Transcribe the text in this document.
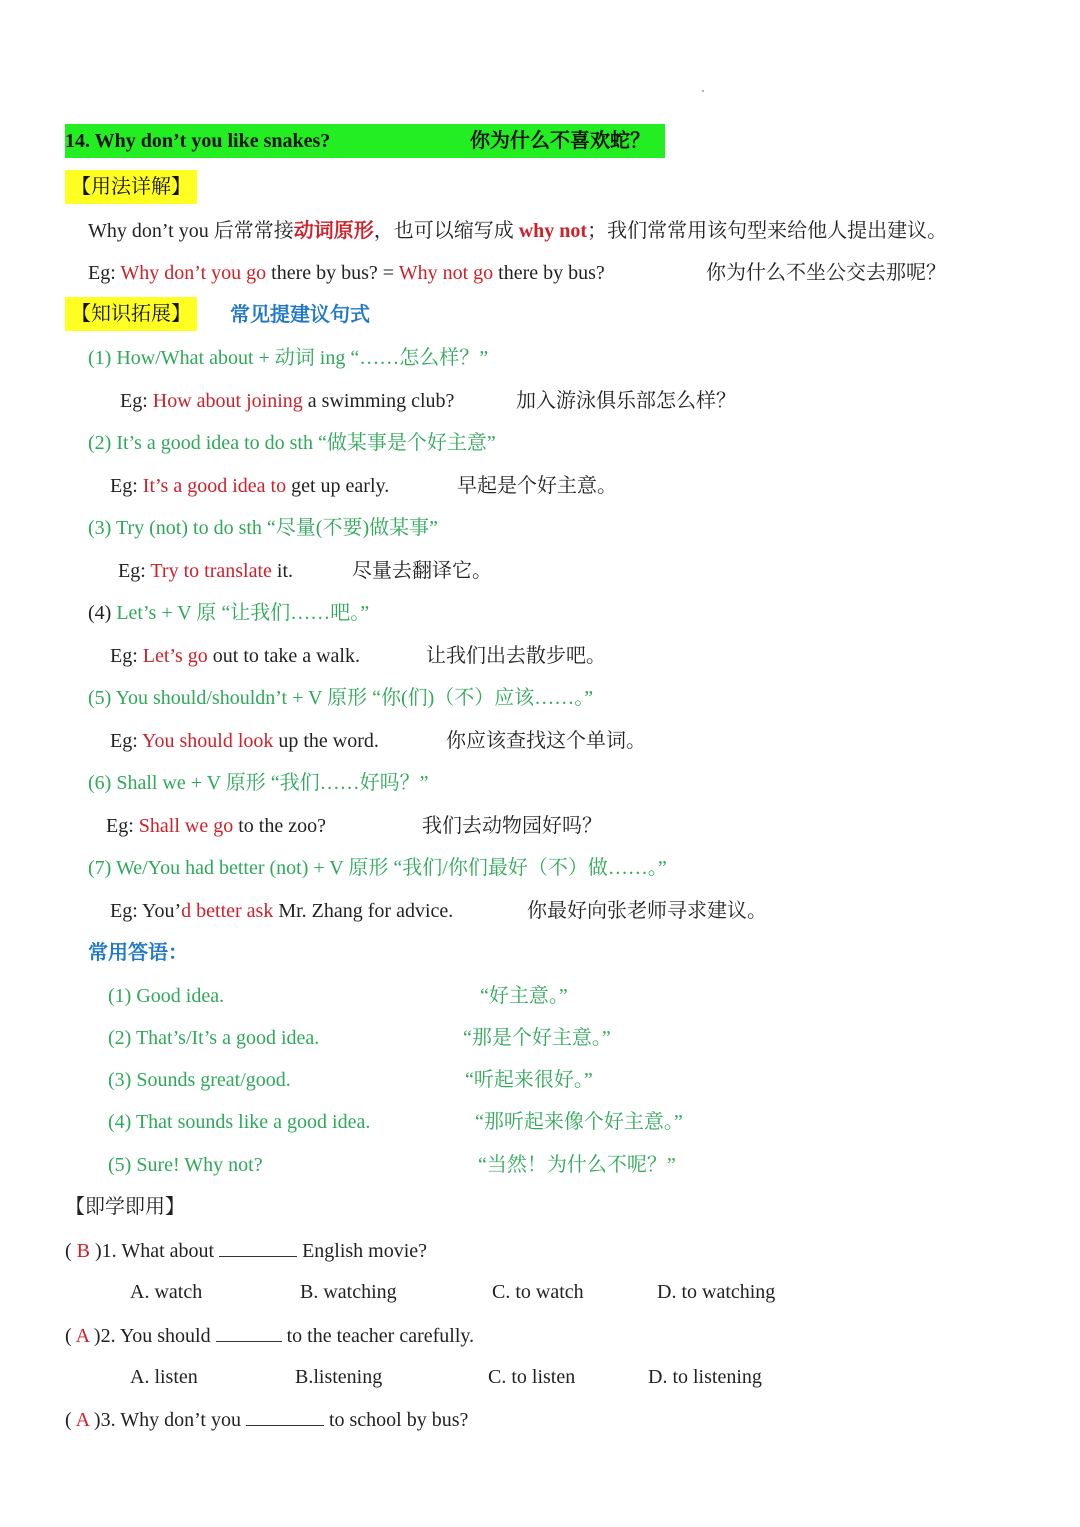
14. Why don’t you like snakes?	你为什么不喜欢蛇？
【用法详解】
Why don’t you 后常常接动词原形，也可以缩写成 why not；我们常常用该句型来给他人提出建议。
Eg: Why don’t you go there by bus? = Why not go there by bus?	你为什么不坐公交去那呢？
【知识拓展】	常见提建议句式
(1) How/What about + 动词 ing “……怎么样？”
Eg: How about joining a swimming club?	加入游泳俱乐部怎么样？
(2) It’s a good idea to do sth “做某事是个好主意”
Eg: It’s a good idea to get up early.	早起是个好主意。
(3) Try (not) to do sth “尽量(不要)做某事”
Eg: Try to translate it.	尽量去翻译它。
(4) Let’s + V 原 “让我们……吧。”
Eg: Let’s go out to take a walk.	让我们出去散步吧。
(5) You should/shouldn’t + V 原形 “你(们)（不）应该……。”
Eg: You should look up the word.	你应该查找这个单词。
(6) Shall we + V 原形 “我们……好吗？”
Eg: Shall we go to the zoo?	我们去动物园好吗？
(7) We/You had better (not) + V 原形 “我们/你们最好（不）做……。”
Eg: You’d better ask Mr. Zhang for advice.	你最好向张老师寻求建议。
常用答语：
(1) Good idea.	“好主意。”
(2) That’s/It’s a good idea.	“那是个好主意。”
(3) Sounds great/good.	“听起来很好。”
(4) That sounds like a good idea.	“那听起来像个好主意。”
(5) Sure! Why not?	“当然！为什么不呢？”
【即学即用】
( B )1. What about	English movie?
A. watch	B. watching	C. to watch	D. to watching
( A )2. You should	to the teacher carefully.
A. listen	B.listening	C. to listen	D. to listening
( A )3. Why don’t you	to school by bus?
